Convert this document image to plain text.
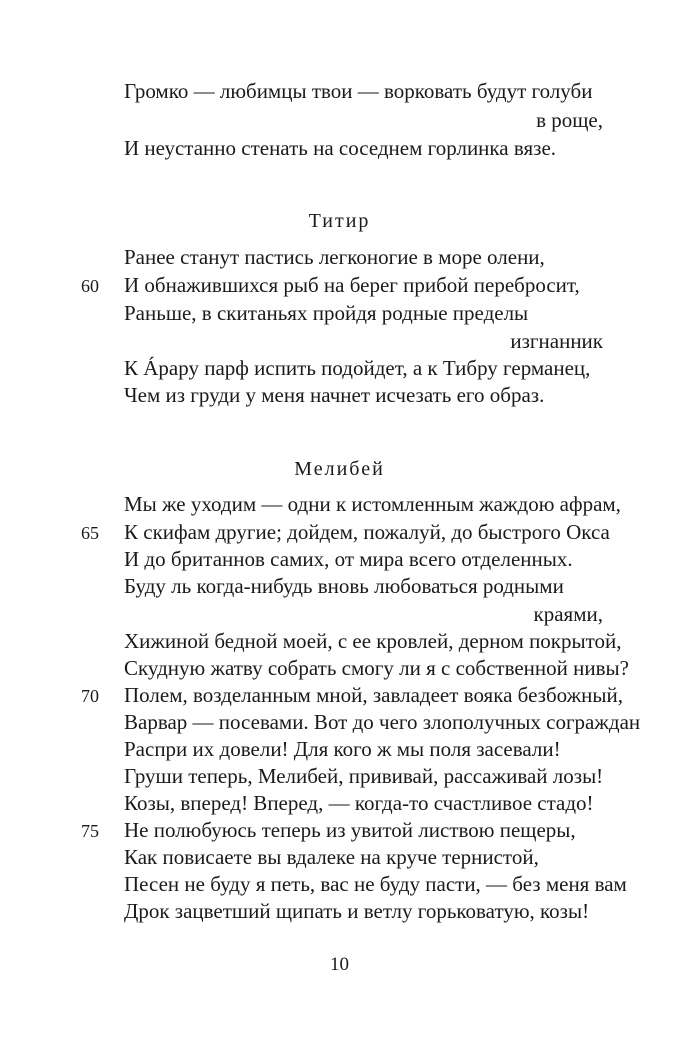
Громко — любимцы твои — ворковать будут голуби
в роще,
И неустанно стенать на соседнем горлинка вязе.
Титир
Ранее станут пастись легконогие в море олени,
60 И обнажившихся рыб на берег прибой перебросит,
Раньше, в скитаньях пройдя родные пределы
изгнанник
К Áрару парф испить подойдет, а к Тибру германец,
Чем из груди у меня начнет исчезать его образ.
Мелибей
Мы же уходим — одни к истомленным жаждою афрам,
65 К скифам другие; дойдем, пожалуй, до быстрого Окса
И до британнов самих, от мира всего отделенных.
Буду ль когда-нибудь вновь любоваться родными
краями,
Хижиной бедной моей, с ее кровлей, дерном покрытой,
Скудную жатву собрать смогу ли я с собственной нивы?
70 Полем, возделанным мной, завладеет вояка безбожный,
Варвар — посевами. Вот до чего злополучных сограждан
Распри их довели! Для кого ж мы поля засевали!
Груши теперь, Мелибей, прививай, рассаживай лозы!
Козы, вперед! Вперед, — когда-то счастливое стадо!
75 Не полюбуюсь теперь из увитой листвою пещеры,
Как повисаете вы вдалеке на круче тернистой,
Песен не буду я петь, вас не буду пасти, — без меня вам
Дрок зацветший щипать и ветлу горьковатую, козы!
10
